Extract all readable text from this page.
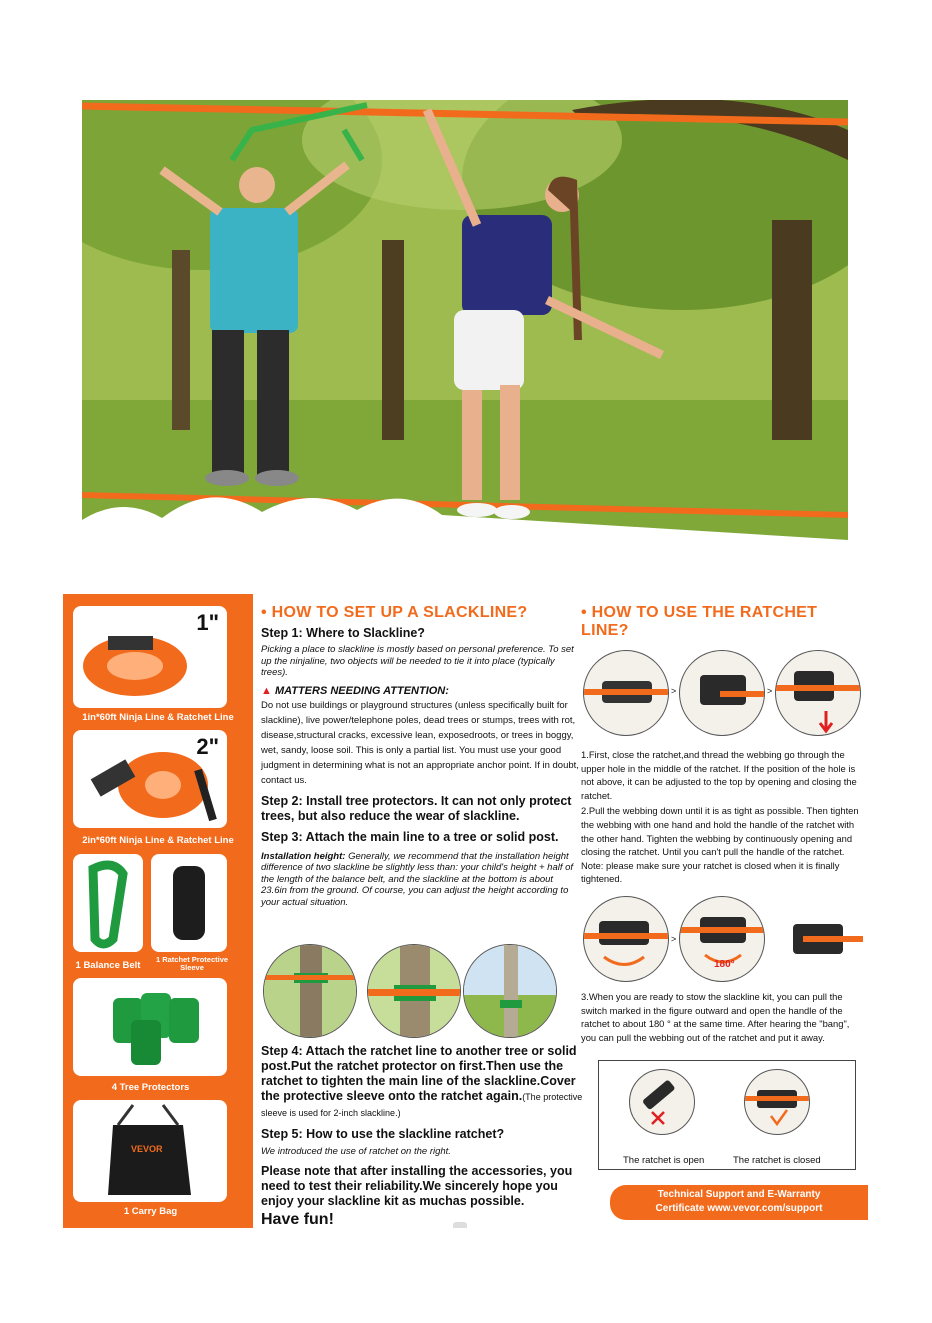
1"
1in*60ft Ninja Line & Ratchet Line
2"
2in*60ft Ninja Line & Ratchet Line
1 Balance Belt
1 Ratchet Protective Sleeve
4 Tree Protectors
VEVOR
1 Carry Bag
• HOW TO SET UP A SLACKLINE?
Step 1: Where to Slackline?
Picking a place to slackline is mostly based on personal preference. To set up the ninjaline, two objects will be needed to tie it into place (typically trees).
▲ MATTERS NEEDING ATTENTION:
Do not use buildings or playground structures (unless specifically built for slackline), live power/telephone poles, dead trees or stumps, trees with rot, disease,structural cracks, excessive lean, exposedroots, or trees in boggy, wet, sandy, loose soil. This is only a partial list. You must use your good judgment in determining what is not an appropriate anchor point. If in doubt, contact us.
Step 2: Install tree protectors. It can not only protect trees, but also reduce the wear of slackline.
Step 3: Attach the main line to a tree or solid post.
Installation height: Generally, we recommend that the installation height difference of two slackline be slightly less than: your child's height + half of the length of the balance belt, and the slackline at the bottom is about 23.6in from the ground. Of course, you can adjust the height according to your actual situation.
Step 4: Attach the ratchet line to another tree or solid post.Put the ratchet protector on first.Then use the ratchet to tighten the main line of the slackline.Cover the protective sleeve onto the ratchet again.(The protective sleeve is used for 2-inch slackline.)
Step 5: How to use the slackline ratchet?
We introduced the use of ratchet on the right.
Please note that after installing the accessories, you need to test their reliability.We sincerely hope you enjoy your slackline kit as muchas possible.
Have fun!
• HOW TO USE THE RATCHET LINE?
>	>

1.First, close the ratchet,and thread the webbing go through the upper hole in the middle of the ratchet. If the position of the hole is not above, it can be adjusted to the top by opening and closing the ratchet.

2.Pull the webbing down until it is as tight as possible. Then tighten the webbing with one hand and hold the handle of the ratchet with the other hand. Tighten the webbing by continuously opening and closing the ratchet. Until you can't pull the handle of the ratchet. Note: please make sure your ratchet is closed when it is finally tightened.

>
180°

3.When you are ready to stow the slackline kit, you can pull the switch marked in the figure outward and open the handle of the ratchet to about 180 ° at the same time. After hearing the "bang", you can pull the webbing out of the ratchet and put it away.

The ratchet is open	The ratchet is closed
Technical Support and E-Warranty
Certificate www.vevor.com/support
